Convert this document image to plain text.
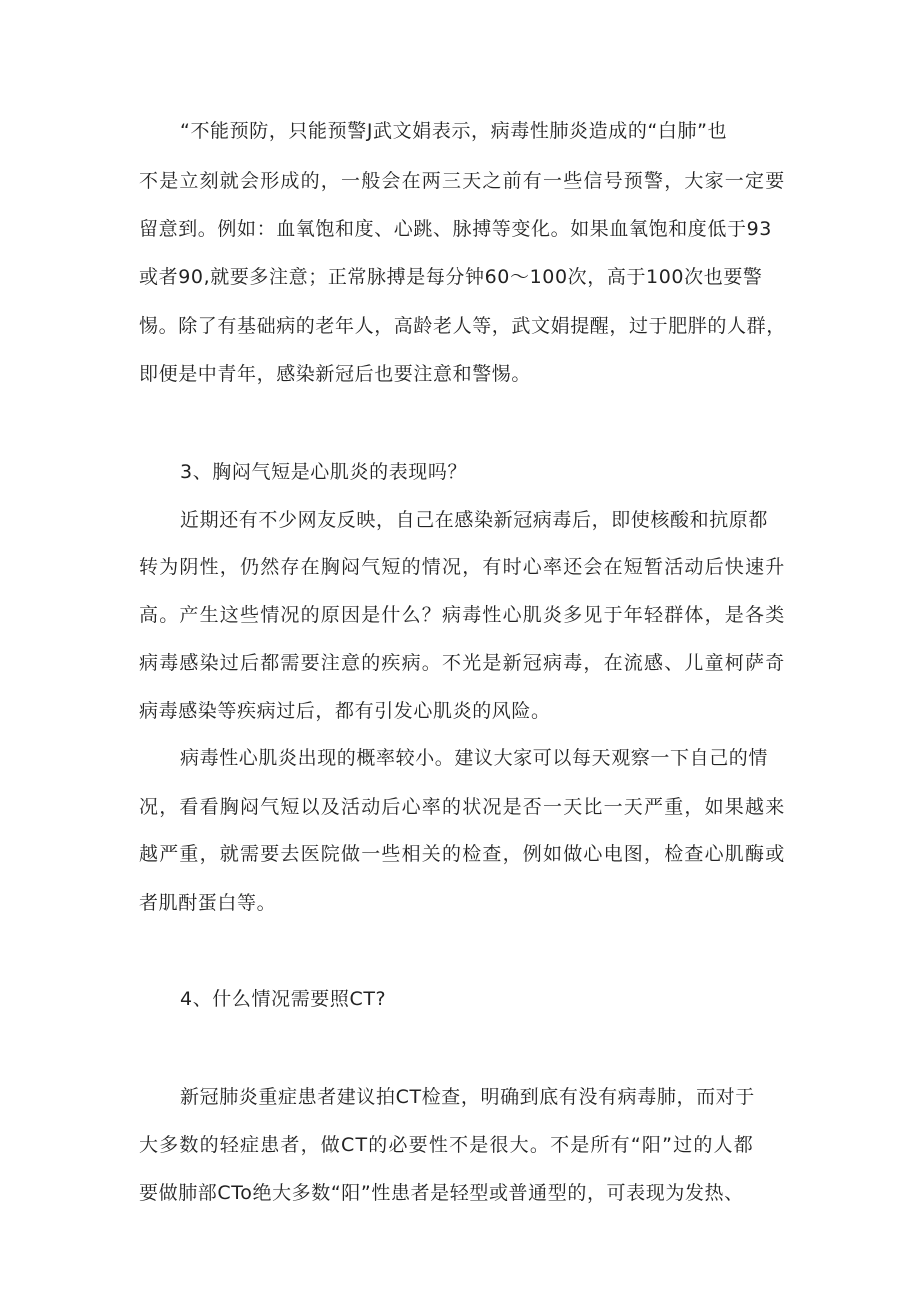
“不能预防，只能预警J武文娟表示，病毒性肺炎造成的“白肺”也
不是立刻就会形成的，一般会在两三天之前有一些信号预警，大家一定要
留意到。例如：血氧饱和度、心跳、脉搏等变化。如果血氧饱和度低于93
或者90,就要多注意；正常脉搏是每分钟60～100次，高于100次也要警
惕。除了有基础病的老年人，高龄老人等，武文娟提醒，过于肥胖的人群，
即便是中青年，感染新冠后也要注意和警惕。
3、胸闷气短是心肌炎的表现吗？
近期还有不少网友反映，自己在感染新冠病毒后，即使核酸和抗原都
转为阴性，仍然存在胸闷气短的情况，有时心率还会在短暂活动后快速升
高。产生这些情况的原因是什么？病毒性心肌炎多见于年轻群体，是各类
病毒感染过后都需要注意的疾病。不光是新冠病毒，在流感、儿童柯萨奇
病毒感染等疾病过后，都有引发心肌炎的风险。
病毒性心肌炎出现的概率较小。建议大家可以每天观察一下自己的情
况，看看胸闷气短以及活动后心率的状况是否一天比一天严重，如果越来
越严重，就需要去医院做一些相关的检查，例如做心电图，检查心肌酶或
者肌酎蛋白等。
4、什么情况需要照CT?
新冠肺炎重症患者建议拍CT检查，明确到底有没有病毒肺，而对于
大多数的轻症患者，做CT的必要性不是很大。不是所有“阳”过的人都
要做肺部CTo绝大多数“阳”性患者是轻型或普通型的，可表现为发热、
